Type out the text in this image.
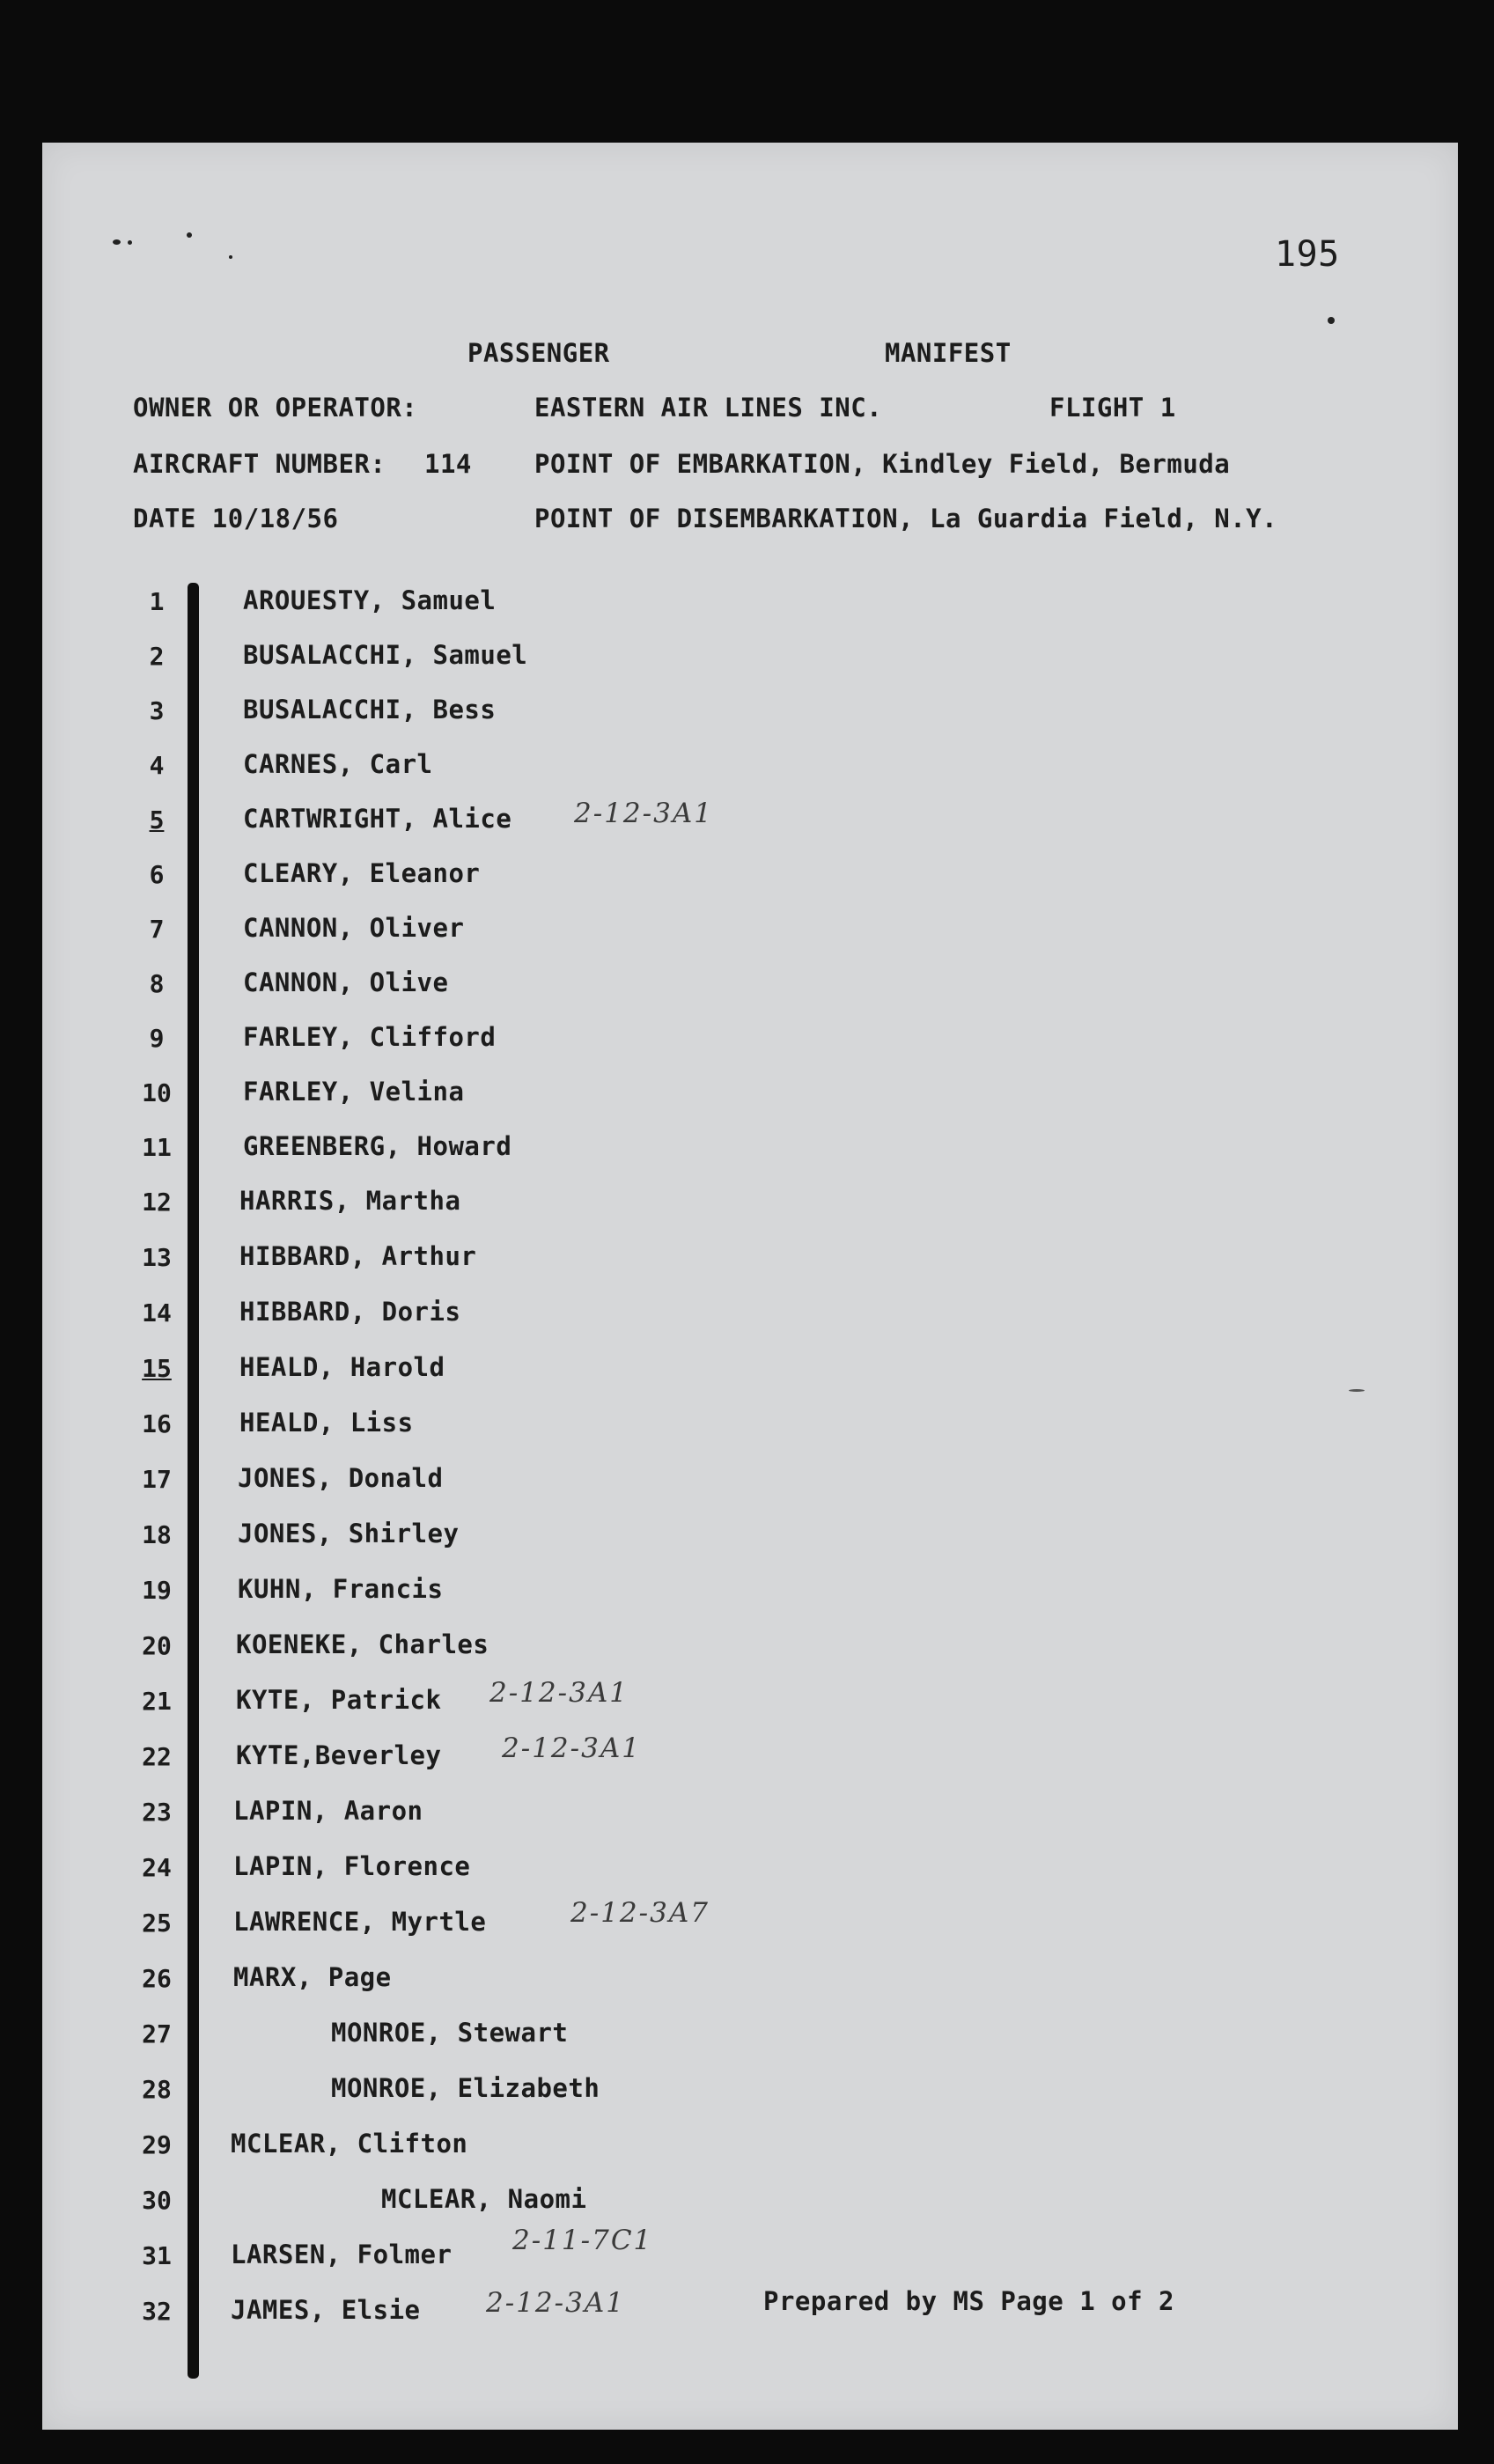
195
PASSENGER	MANIFEST
OWNER OR OPERATOR:	EASTERN AIR LINES INC.	FLIGHT 1
AIRCRAFT NUMBER: 114 POINT OF EMBARKATION, Kindley Field, Bermuda
DATE 10/18/56	POINT OF DISEMBARKATION, La Guardia Field, N.Y.
1	AROUESTY, Samuel
2	BUSALACCHI, Samuel
3	BUSALACCHI, Bess
4	CARNES, Carl
5	CARTWRIGHT, Alice 2-12-3A1
6	CLEARY, Eleanor
7	CANNON, Oliver
8	CANNON, Olive
9	FARLEY, Clifford
10	FARLEY, Velina
11	GREENBERG, Howard
12	HARRIS, Martha
13	HIBBARD, Arthur
14	HIBBARD, Doris
15	HEALD, Harold
16	HEALD, Liss
17	JONES, Donald
18	JONES, Shirley
19	KUHN, Francis
20	KOENEKE, Charles
21	KYTE, Patrick 2-12-3A1
22	KYTE,Beverley 2-12-3A1
23	LAPIN, Aaron
24	LAPIN, Florence
25	LAWRENCE, Myrtle	2-12-3A7
26	MARX, Page
27	MONROE, Stewart
28	MONROE, Elizabeth
29	MCLEAR, Clifton
30	MCLEAR, Naomi
31	LARSEN, Folmer 2-11-7C1
32	JAMES, Elsie 2-12-3A1	Prepared by MS Page 1 of 2
